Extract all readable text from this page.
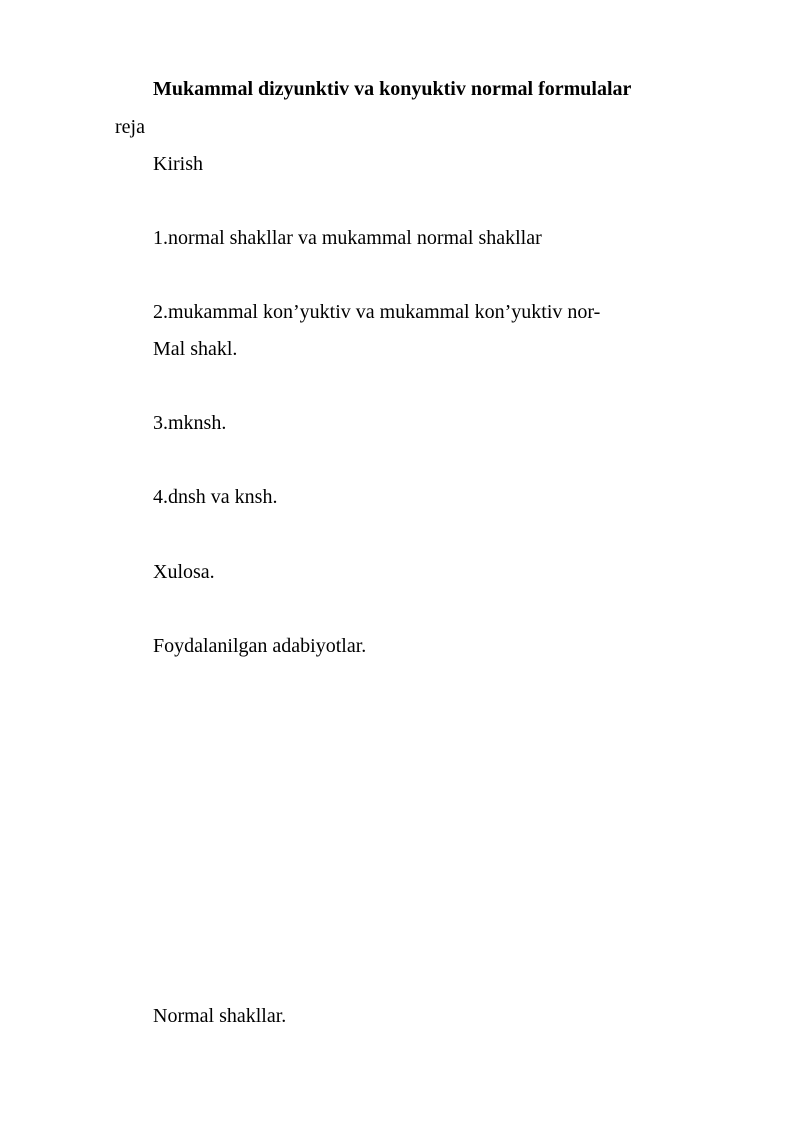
Mukammal dizyunktiv va konyuktiv normal formulalar
reja
Kirish
1.normal shakllar va mukammal normal shakllar
2.mukammal kon’yuktiv va mukammal kon’yuktiv nor-
Mal shakl.
3.mknsh.
4.dnsh va knsh.
Xulosa.
Foydalanilgan adabiyotlar.
Normal shakllar.
